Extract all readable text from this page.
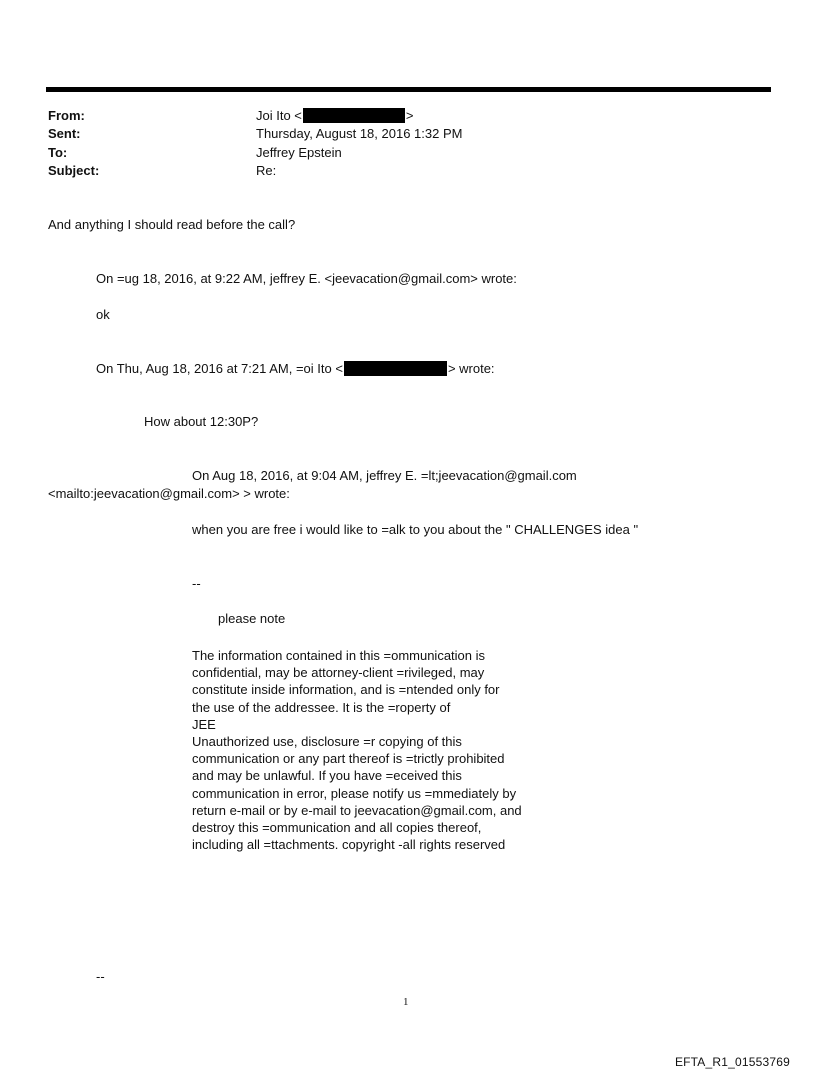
From:	Joi Ito <	>
Sent:	Thursday, August 18, 2016 1:32 PM
To:	Jeffrey Epstein
Subject:	Re:
And anything I should read before the call?
On =ug 18, 2016, at 9:22 AM, jeffrey E. <jeevacation@gmail.com> wrote:
ok
On Thu, Aug 18, 2016 at 7:21 AM, =oi Ito <	> wrote:
How about 12:30P?
On Aug 18, 2016, at 9:04 AM, jeffrey E. =lt;jeevacation@gmail.com
<mailto:jeevacation@gmail.com> > wrote:
when you are free i would like to =alk to you about the " CHALLENGES idea "
--
please note
The information contained in this =ommunication is
confidential, may be attorney-client =rivileged, may
constitute inside information, and is =ntended only for
the use of the addressee. It is the =roperty of
JEE
Unauthorized use, disclosure =r copying of this
communication or any part thereof is =trictly prohibited
and may be unlawful. If you have =eceived this
communication in error, please notify us =mmediately by
return e-mail or by e-mail to jeevacation@gmail.com, and
destroy this =ommunication and all copies thereof,
including all =ttachments. copyright -all rights reserved
--
1
EFTA_R1_01553769
